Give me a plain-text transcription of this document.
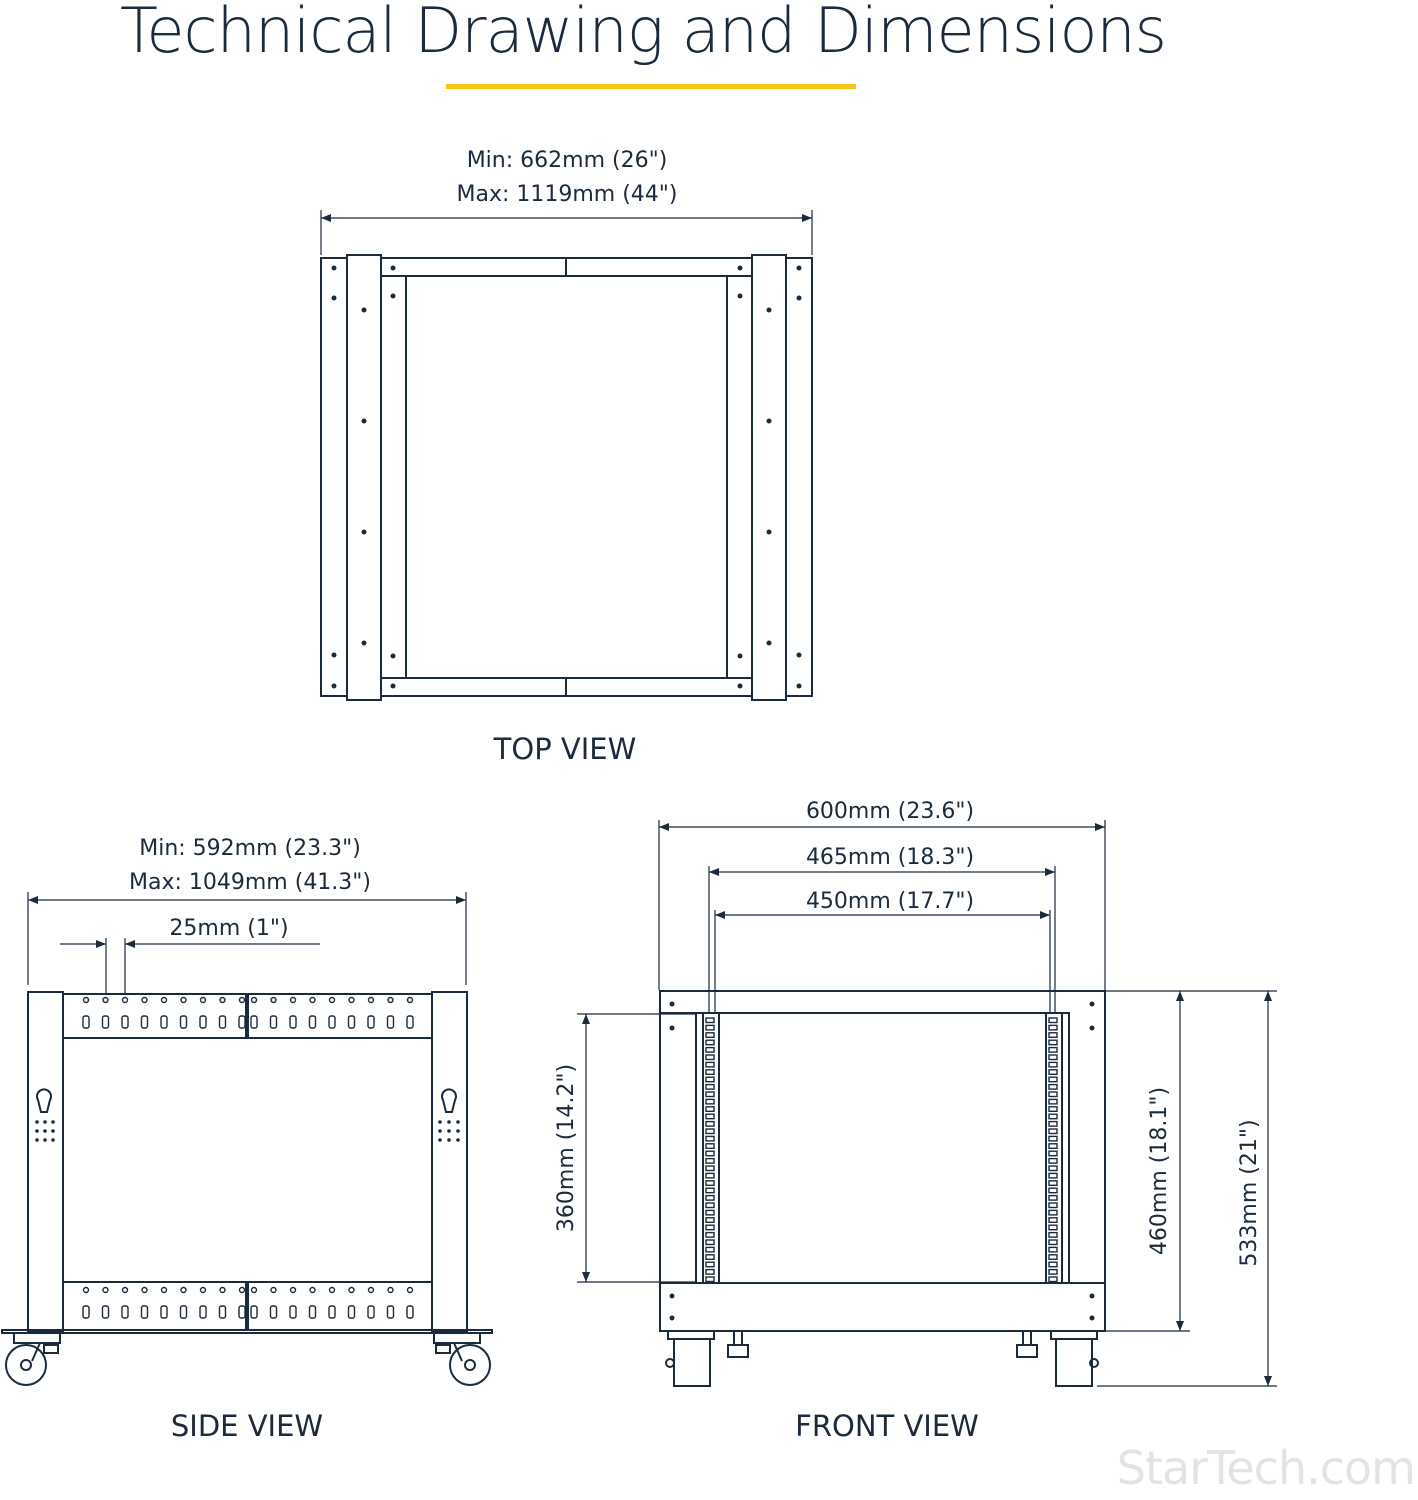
Technical Drawing and Dimensions
Min: 662mm (26")
Max: 1119mm (44")
TOP VIEW
Min: 592mm (23.3")
Max: 1049mm (41.3")
25mm (1")
SIDE VIEW
600mm (23.6")
465mm (18.3")
450mm (17.7")
360mm (14.2")	460mm (18.1")	533mm (21")
FRONT VIEW
StarTech.com
